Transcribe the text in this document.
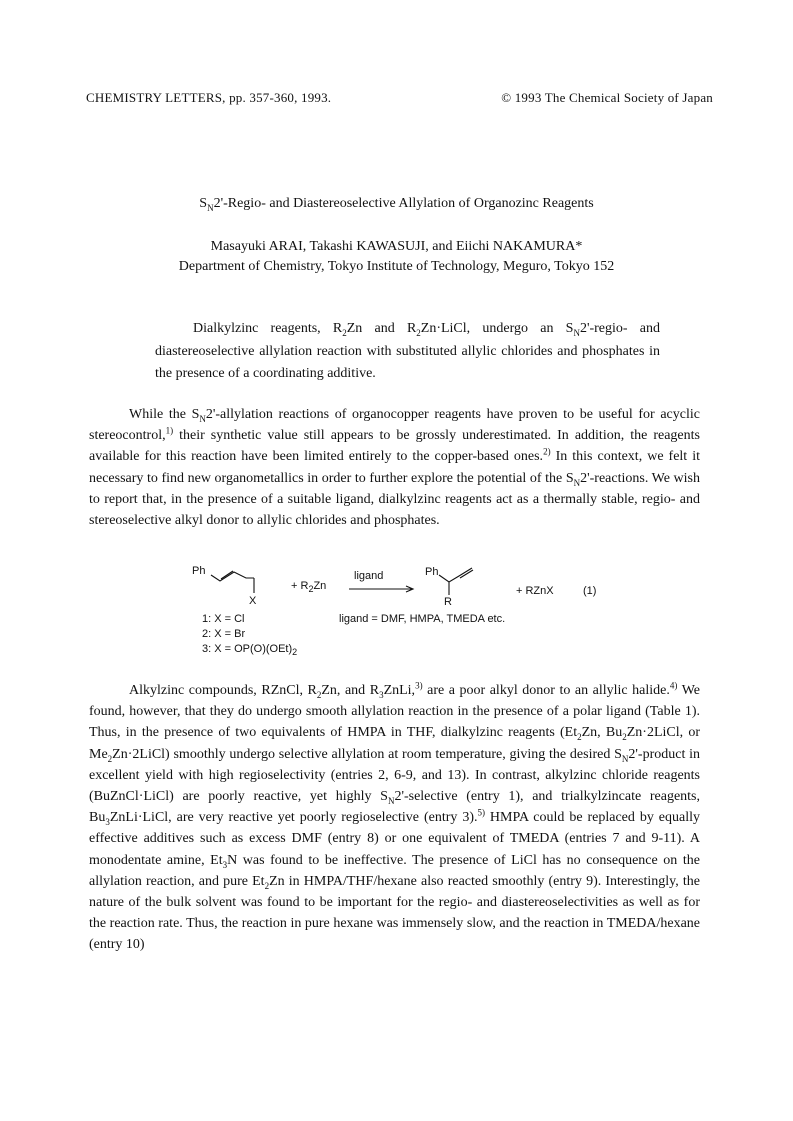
CHEMISTRY LETTERS, pp. 357-360, 1993.	© 1993 The Chemical Society of Japan
$S_N2'-Regio-$ and Diastereoselective Allylation of Organozinc Reagents
Masayuki ARAI, Takashi KAWASUJI, and Eiichi NAKAMURA*
Department of Chemistry, Tokyo Institute of Technology, Meguro, Tokyo 152
Dialkylzinc reagents, $R_2Zn$ and $R_2Zn\cdot LiCl$, undergo an $S_N2'-regio-$ and diastereoselective allylation reaction with substituted allylic chlorides and phosphates in the presence of a coordinating additive.
While the $S_N2'$-allylation reactions of organocopper reagents have proven to be useful for acyclic stereocontrol,$^{1)}$ their synthetic value still appears to be grossly underestimated. In addition, the reagents available for this reaction have been limited entirely to the copper-based ones.$^{2)}$ In this context, we felt it necessary to find new organometallics in order to further explore the potential of the $S_N2'$-reactions. We wish to report that, in the presence of a suitable ligand, dialkylzinc reagents act as a thermally stable, regio- and stereoselective alkyl donor to allylic chlorides and phosphates.
Ph
X
+ $R_2Zn$
ligand	Ph
R
+ RZnX	(1)
1: X = Cl
2: X = Br
3: $X = OP(O)(OEt)_2$
ligand = DMF, HMPA, TMEDA etc.
Alkylzinc compounds, RZnCl, $R_2Zn$, and $R_3ZnLi,^{3)}$ are a poor alkyl donor to an allylic halide.$^{4)}$ We found, however, that they do undergo smooth allylation reaction in the presence of a polar ligand (Table 1). Thus, in the presence of two equivalents of HMPA in THF, dialkylzinc reagents ($Et_2Zn$, $Bu_2Zn\cdot 2LiCl$, or $Me_2Zn\cdot 2LiCl$) smoothly undergo selective allylation at room temperature, giving the desired $S_N2'$-product in excellent yield with high regioselectivity (entries 2, 6-9, and 13). In contrast, alkylzinc chloride reagents (BuZnCl·LiCl) are poorly reactive, yet highly $S_N2'$-selective (entry 1), and trialkylzincate reagents, $Bu_3ZnLi\cdot LiCl$, are very reactive yet poorly regioselective (entry 3).$^{5)}$ HMPA could be replaced by equally effective additives such as excess DMF (entry 8) or one equivalent of TMEDA (entries 7 and 9-11). A monodentate amine, $Et_3N$ was found to be ineffective. The presence of LiCl has no consequence on the allylation reaction, and pure $Et_2Zn$ in HMPA/THF/hexane also reacted smoothly (entry 9). Interestingly, the nature of the bulk solvent was found to be important for the regio- and diastereoselectivities as well as for the reaction rate. Thus, the reaction in pure hexane was immensely slow, and the reaction in TMEDA/hexane (entry 10)
